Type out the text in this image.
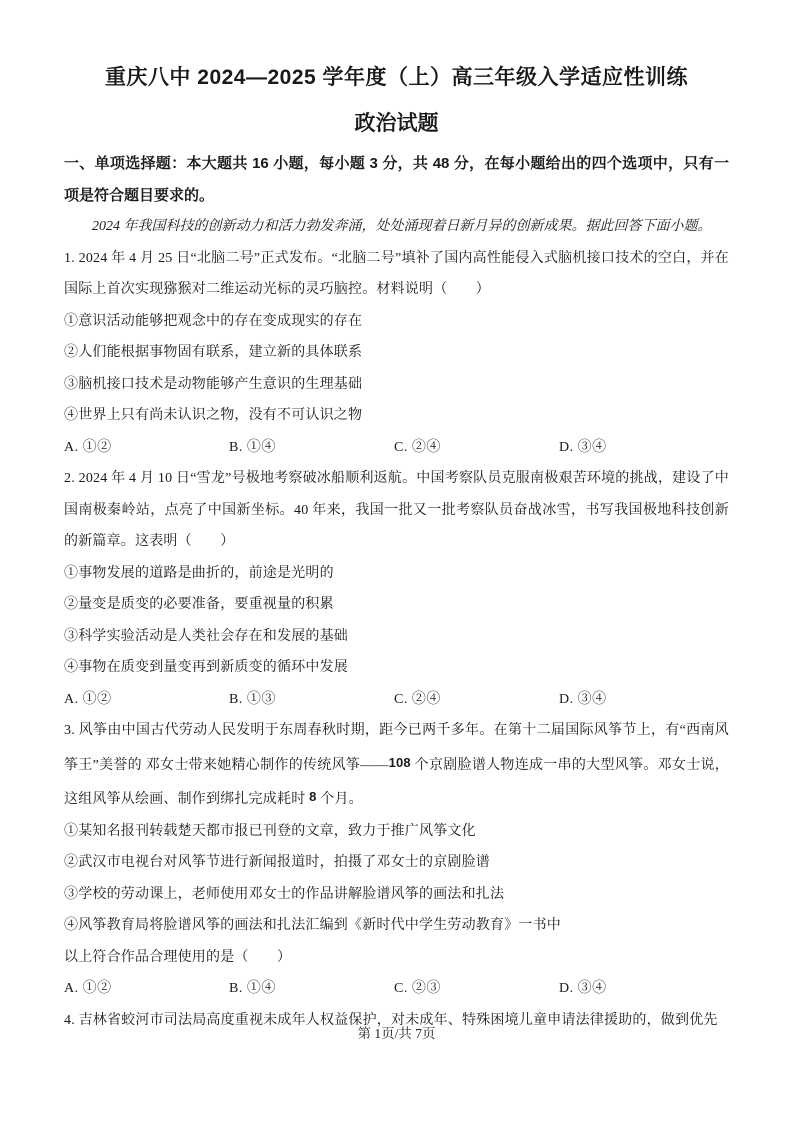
重庆八中 2024—2025 学年度（上）高三年级入学适应性训练
政治试题
一、单项选择题：本大题共 16 小题，每小题 3 分，共 48 分，在每小题给出的四个选项中，只有一项是符合题目要求的。
2024 年我国科技的创新动力和活力勃发奔涌，处处涌现着日新月异的创新成果。据此回答下面小题。
1. 2024 年 4 月 25 日“北脑二号”正式发布。“北脑二号”填补了国内高性能侵入式脑机接口技术的空白，并在国际上首次实现猕猴对二维运动光标的灵巧脑控。材料说明（　　）
①意识活动能够把观念中的存在变成现实的存在
②人们能根据事物固有联系，建立新的具体联系
③脑机接口技术是动物能够产生意识的生理基础
④世界上只有尚未认识之物，没有不可认识之物
A. ①②	B. ①④	C. ②④	D. ③④
2. 2024 年 4 月 10 日“雪龙”号极地考察破冰船顺利返航。中国考察队员克服南极艰苦环境的挑战，建设了中国南极秦岭站，点亮了中国新坐标。40 年来，我国一批又一批考察队员奋战冰雪，书写我国极地科技创新的新篇章。这表明（　　）
①事物发展的道路是曲折的，前途是光明的
②量变是质变的必要准备，要重视量的积累
③科学实验活动是人类社会存在和发展的基础
④事物在质变到量变再到新质变的循环中发展
A. ①②	B. ①③	C. ②④	D. ③④
3. 风筝由中国古代劳动人民发明于东周春秋时期，距今已两千多年。在第十二届国际风筝节上，有“西南风筝王”美誉的 邓女士带来她精心制作的传统风筝——108 个京剧脸谱人物连成一串的大型风筝。邓女士说，这组风筝从绘画、制作到绑扎完成耗时 8 个月。
①某知名报刊转载楚天都市报已刊登的文章，致力于推广风筝文化
②武汉市电视台对风筝节进行新闻报道时，拍摄了邓女士的京剧脸谱
③学校的劳动课上，老师使用邓女士的作品讲解脸谱风筝的画法和扎法
④风筝教育局将脸谱风筝的画法和扎法汇编到《新时代中学生劳动教育》一书中
以上符合作品合理使用的是（　　）
A. ①②	B. ①④	C. ②③	D. ③④
4. 吉林省蛟河市司法局高度重视未成年人权益保护，对未成年、特殊困境儿童申请法律援助的，做到优先
第 1页/共 7页
